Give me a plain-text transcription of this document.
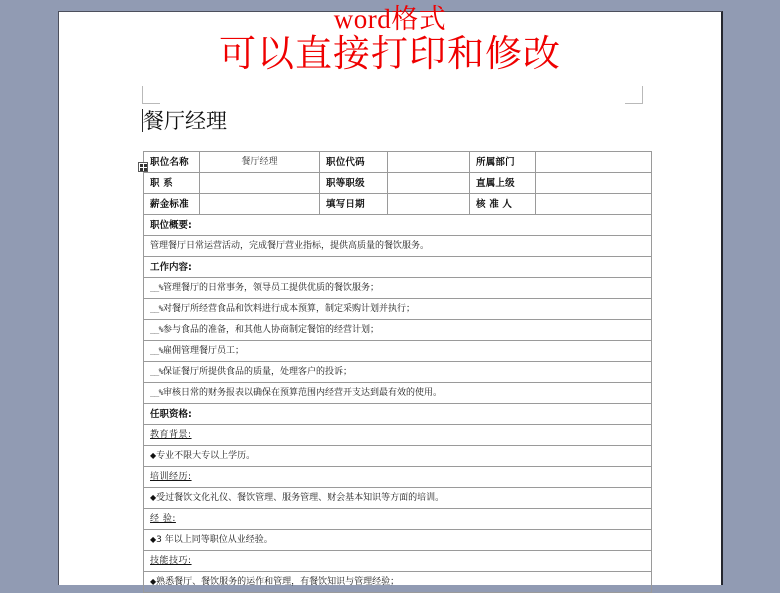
餐厅经理
职位名称	餐厅经理	职位代码		所属部门	
职 系		职等职级		直属上级	
薪金标准		填写日期		核 准 人	
职位概要:					
管理餐厅日常运营活动，完成餐厅营业指标，提供高质量的餐饮服务。					
工作内容:					
__%管理餐厅的日常事务，领导员工提供优质的餐饮服务；					
__%对餐厅所经营食品和饮料进行成本预算，制定采购计划并执行；					
__%参与食品的准备，和其他人协商制定餐馆的经营计划；					
__%雇佣管理餐厅员工；					
__%保证餐厅所提供食品的质量，处理客户的投诉；					
__%审核日常的财务报表以确保在预算范围内经营开支达到最有效的使用。					
任职资格:					
教育背景:					
◆专业不限大专以上学历。					
培训经历:					
◆受过餐饮文化礼仪、餐饮管理、服务管理、财会基本知识等方面的培训。					
经 验:					
◆3 年以上同等职位从业经验。					
技能技巧:					
◆熟悉餐厅、餐饮服务的运作和管理，有餐饮知识与管理经验；					
word格式
可以直接打印和修改
